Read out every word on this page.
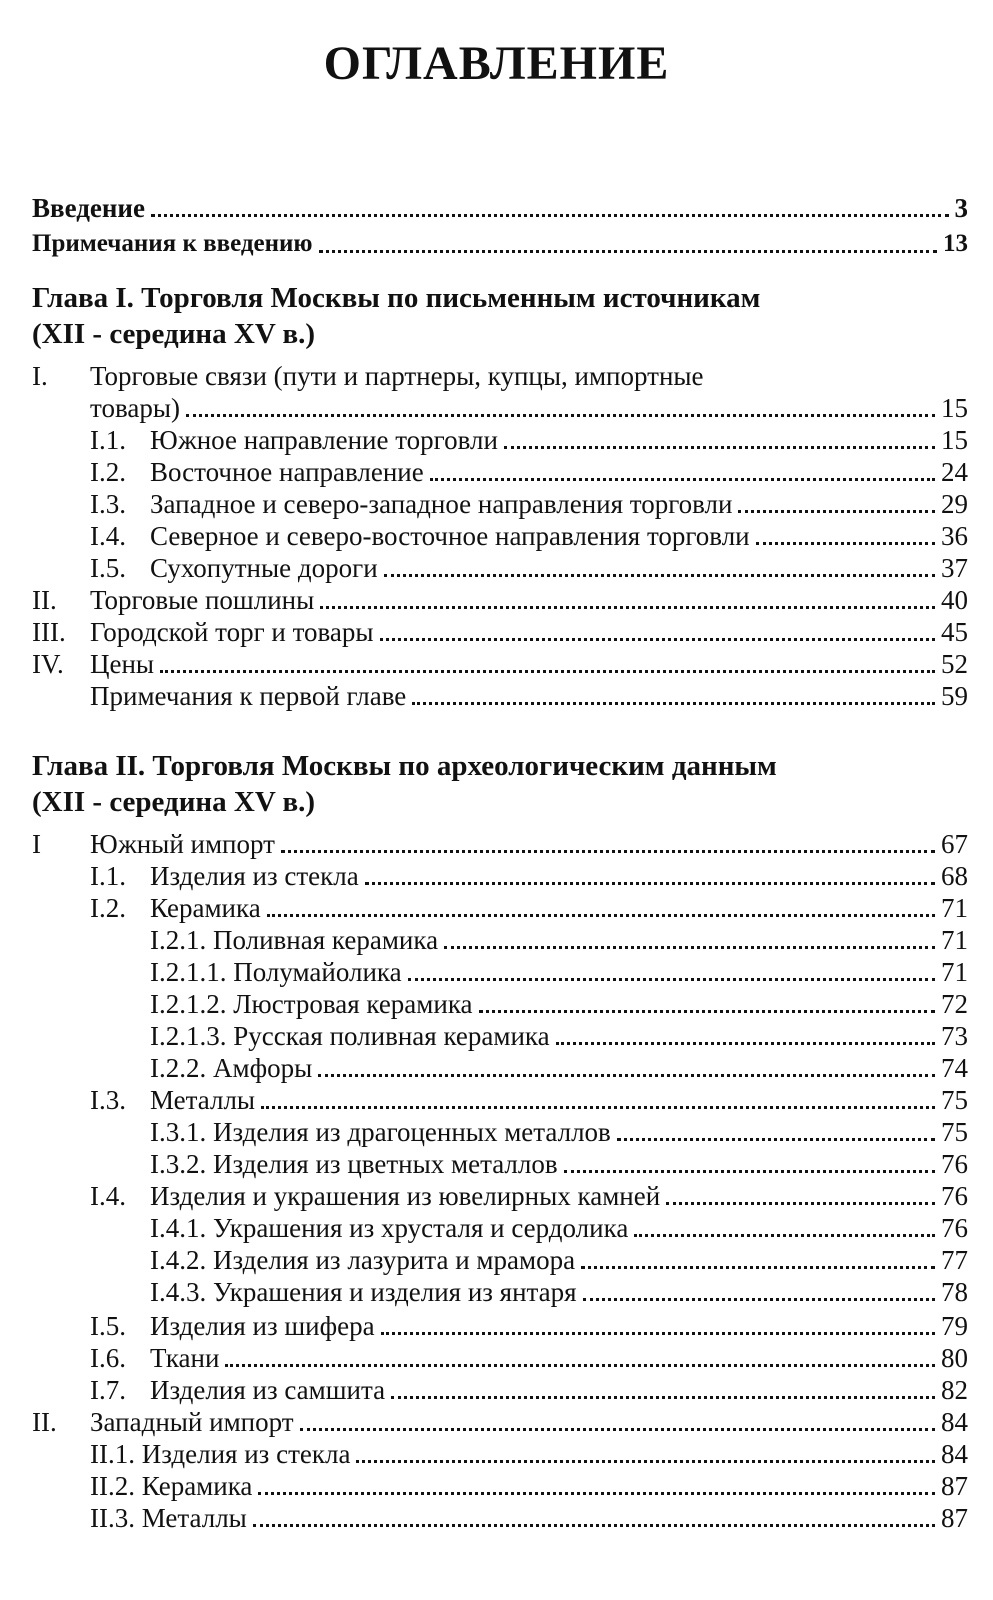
ОГЛАВЛЕНИЕ
Введение	3
Примечания к введению	13
Глава I. Торговля Москвы по письменным источникам
(XII - середина XV в.)
I. Торговые связи (пути и партнеры, купцы, импортные
товары)	15
I.1. Южное направление торговли	15
I.2. Восточное направление	24
I.3. Западное и северо-западное направления торговли	29
I.4. Северное и северо-восточное направления торговли	36
I.5. Сухопутные дороги	37
II.	Торговые пошлины	40
III. Городской торг и товары	45
IV. Цены	52
Примечания к первой главе	59
Глава II. Торговля Москвы по археологическим данным
(XII - середина XV в.)
I	Южный импорт	67
I.1. Изделия из стекла	68
I.2. Керамика	71
I.2.1. Поливная керамика	71
I.2.1.1. Полумайолика	71
I.2.1.2. Люстровая керамика	72
I.2.1.3. Русская поливная керамика	73
I.2.2. Амфоры	74
I.3. Металлы	75
I.3.1. Изделия из драгоценных металлов	75
I.3.2. Изделия из цветных металлов	76
I.4. Изделия и украшения из ювелирных камней	76
I.4.1. Украшения из хрусталя и сердолика	76
I.4.2. Изделия из лазурита и мрамора	77
I.4.3. Украшения и изделия из янтаря	78
I.5. Изделия из шифера	79
I.6. Ткани	80
I.7. Изделия из самшита	82
II.	Западный импорт	84
II.1. Изделия из стекла	84
II.2. Керамика	87
II.3. Металлы	87
